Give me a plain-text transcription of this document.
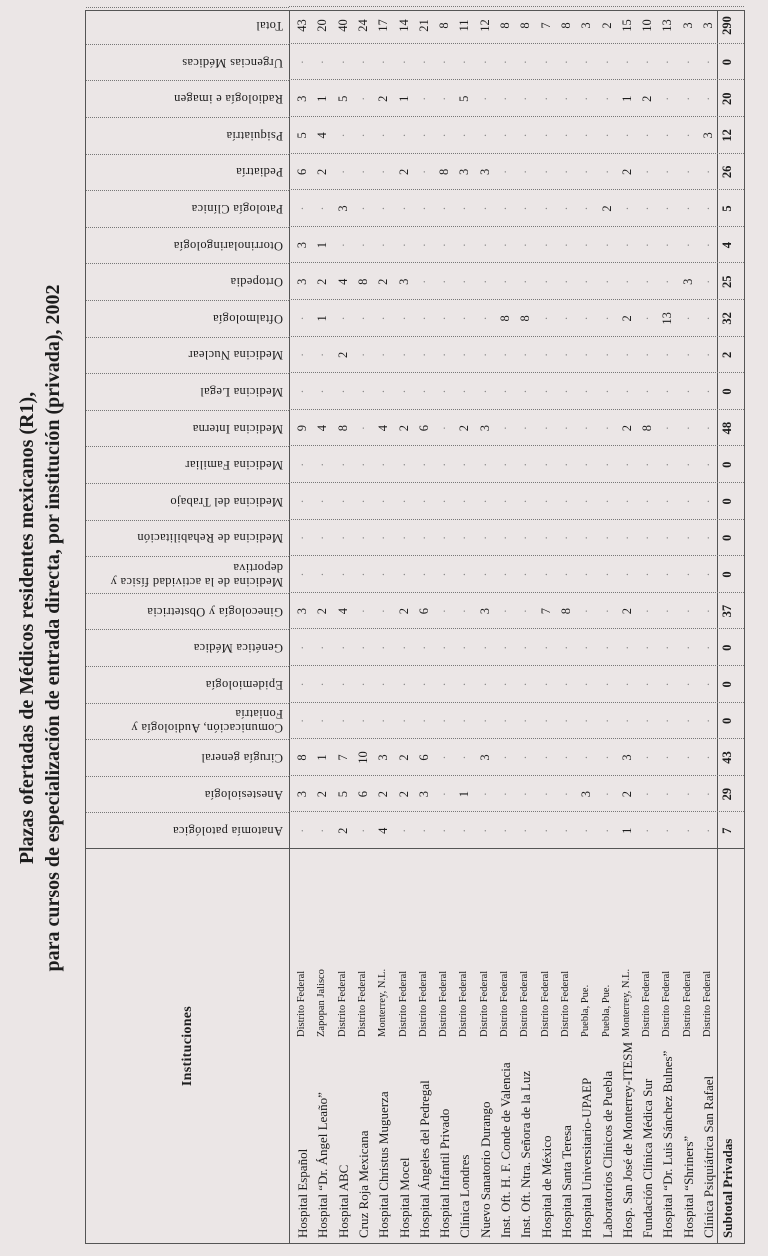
Plazas ofertadas de Médicos residentes mexicanos (R1), para cursos de especialización de entrada directa, por institución (privada), 2002
Instituciones
Anatomía patológica
Anestesiología
Cirugía general
Comunicación, Audiología y Foniatría
Epidemiología
Genética Médica
Ginecología y Obstetricia
Medicina de la actividad física y deportiva
Medicina de Rehabilitación
Medicina del Trabajo
Medicina Familiar
Medicina Interna
Medicina Legal
Medicina Nuclear
Oftalmología
Ortopedia
Otorrinolaringología
Patología Clínica
Pediatría
Psiquiatría
Radiología e imagen
Urgencias Médicas
Total
Hospital Español
Distrito Federal
·
3
8
·
·
·
3
·
·
·
·
9
·
·
·
3
3
·
6
5
3
·
43
Hospital “Dr. Ángel Leaño”
Zapopan Jalisco
·
2
1
·
·
·
2
·
·
·
·
4
·
·
1
2
1
·
2
4
1
·
20
Hospital ABC
Distrito Federal
2
5
7
·
·
·
4
·
·
·
·
8
·
2
·
4
·
3
·
·
5
·
40
Cruz Roja Mexicana
Distrito Federal
·
6
10
·
·
·
·
·
·
·
·
·
·
·
·
8
·
·
·
·
·
·
24
Hospital Christus Muguerza
Monterrey, N.L.
4
2
3
·
·
·
·
·
·
·
·
4
·
·
·
2
·
·
·
·
2
·
17
Hospital Mocel
Distrito Federal
·
2
2
·
·
·
2
·
·
·
·
2
·
·
·
3
·
·
2
·
1
·
14
Hospital Ángeles del Pedregal
Distrito Federal
·
3
6
·
·
·
6
·
·
·
·
6
·
·
·
·
·
·
·
·
·
·
21
Hospital Infantil Privado
Distrito Federal
·
·
·
·
·
·
·
·
·
·
·
·
·
·
·
·
·
·
8
·
·
·
8
Clínica Londres
Distrito Federal
·
1
·
·
·
·
·
·
·
·
·
2
·
·
·
·
·
·
3
·
5
·
11
Nuevo Sanatorio Durango
Distrito Federal
·
·
3
·
·
·
3
·
·
·
·
3
·
·
·
·
·
·
3
·
·
·
12
Inst. Oft. H. F. Conde de Valencia
Distrito Federal
·
·
·
·
·
·
·
·
·
·
·
·
·
·
8
·
·
·
·
·
·
·
8
Inst. Oft. Ntra. Señora de la Luz
Distrito Federal
·
·
·
·
·
·
·
·
·
·
·
·
·
·
8
·
·
·
·
·
·
·
8
Hospital de México
Distrito Federal
·
·
·
·
·
·
7
·
·
·
·
·
·
·
·
·
·
·
·
·
·
·
7
Hospital Santa Teresa
Distrito Federal
·
·
·
·
·
·
8
·
·
·
·
·
·
·
·
·
·
·
·
·
·
·
8
Hospital Universitario-UPAEP
Puebla, Pue.
·
3
·
·
·
·
·
·
·
·
·
·
·
·
·
·
·
·
·
·
·
·
3
Laboratorios Clínicos de Puebla
Puebla, Pue.
·
·
·
·
·
·
·
·
·
·
·
·
·
·
·
·
·
2
·
·
·
·
2
Hosp. San José de Monterrey-ITESM
Monterrey, N.L.
1
2
3
·
·
·
2
·
·
·
·
2
·
·
2
·
·
·
2
·
1
·
15
Fundación Clínica Médica Sur
Distrito Federal
·
·
·
·
·
·
·
·
·
·
·
8
·
·
·
·
·
·
·
·
2
·
10
Hospital “Dr. Luis Sánchez Bulnes”
Distrito Federal
·
·
·
·
·
·
·
·
·
·
·
·
·
·
13
·
·
·
·
·
·
·
13
Hospital “Shriners”
Distrito Federal
·
·
·
·
·
·
·
·
·
·
·
·
·
·
·
3
·
·
·
·
·
·
3
Clínica Psiquiátrica San Rafael
Distrito Federal
·
·
·
·
·
·
·
·
·
·
·
·
·
·
·
·
·
·
·
3
·
·
3
Subtotal Privadas
7
29
43
0
0
0
37
0
0
0
0
48
0
2
32
25
4
5
26
12
20
0
290
